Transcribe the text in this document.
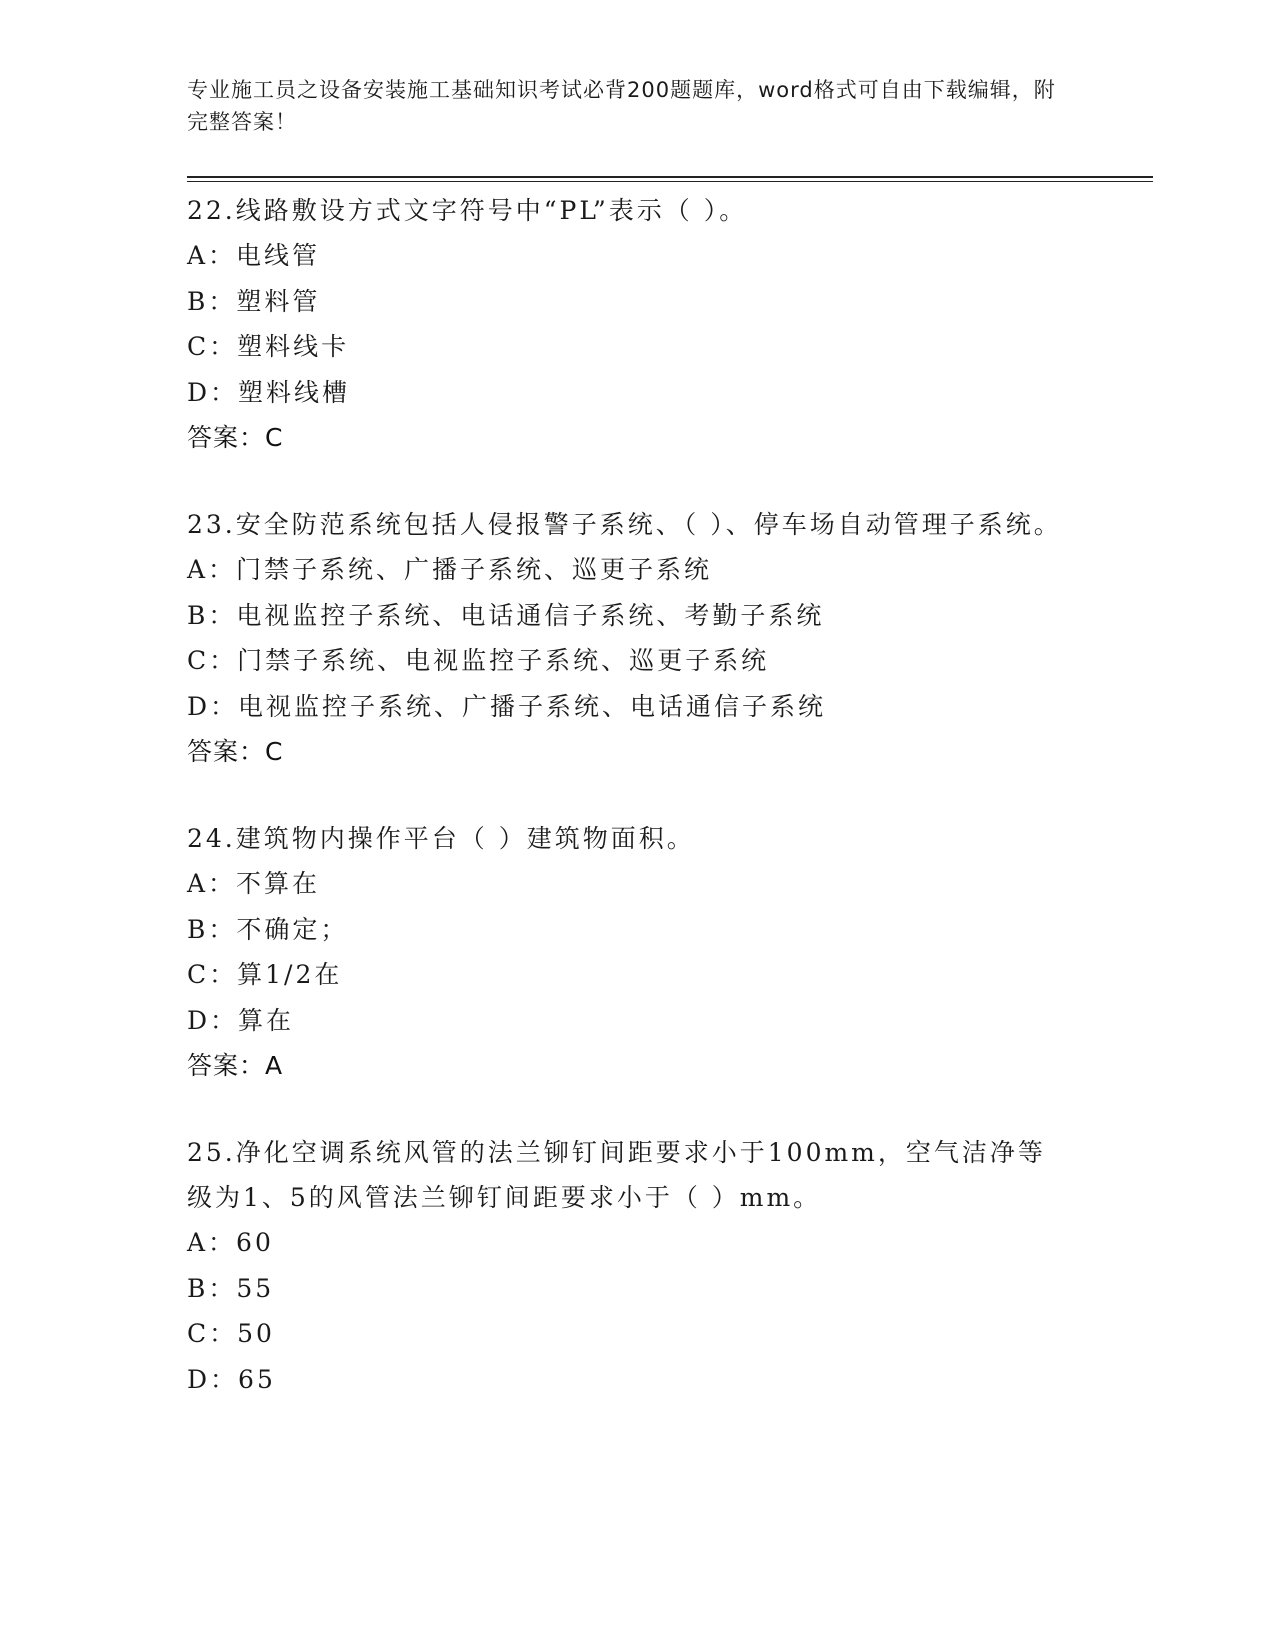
专业施工员之设备安装施工基础知识考试必背200题题库，word格式可自由下载编辑，附完整答案！

22.线路敷设方式文字符号中“PL”表示（ ）。

A：电线管

B：塑料管

C：塑料线卡

D：塑料线槽

答案：C

23.安全防范系统包括人侵报警子系统、（ ）、停车场自动管理子系统。

A：门禁子系统、广播子系统、巡更子系统

B：电视监控子系统、电话通信子系统、考勤子系统

C：门禁子系统、电视监控子系统、巡更子系统

D：电视监控子系统、广播子系统、电话通信子系统

答案：C

24.建筑物内操作平台（ ）建筑物面积。

A：不算在

B：不确定；

C：算1/2在

D：算在

答案：A

25.净化空调系统风管的法兰铆钉间距要求小于100mm，空气洁净等级为1、5的风管法兰铆钉间距要求小于（ ）mm。

A：60

B：55

C：50

D：65
